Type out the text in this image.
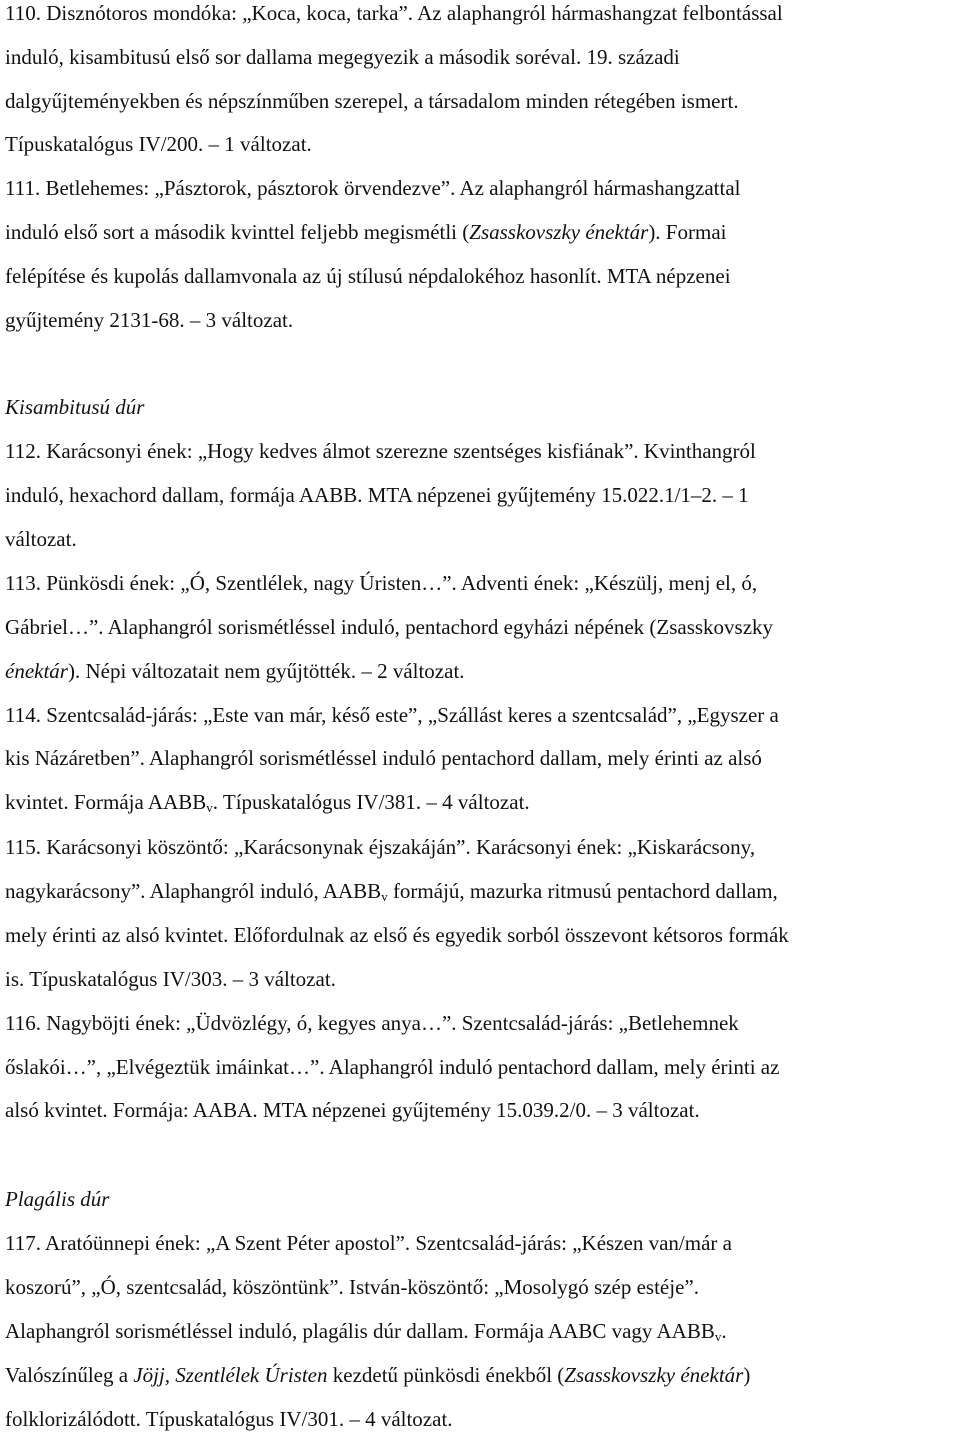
110. Disznótoros mondóka: „Koca, koca, tarka”. Az alaphangról hármashangzat felbontással
induló, kisambitusú első sor dallama megegyezik a második soréval. 19. századi
dalgyűjteményekben és népszínműben szerepel, a társadalom minden rétegében ismert.
Típuskatalógus IV/200. – 1 változat.
111. Betlehemes: „Pásztorok, pásztorok örvendezve”. Az alaphangról hármashangzattal
induló első sort a második kvinttel feljebb megismétli (Zsasskovszky énektár). Formai
felépítése és kupolás dallamvonala az új stílusú népdalokéhoz hasonlít. MTA népzenei
gyűjtemény 2131-68. – 3 változat.
Kisambitusú dúr
112. Karácsonyi ének: „Hogy kedves álmot szerezne szentséges kisfiának”. Kvinthangról
induló, hexachord dallam, formája AABB. MTA népzenei gyűjtemény 15.022.1/1–2. – 1
változat.
113. Pünkösdi ének: „Ó, Szentlélek, nagy Úristen…”. Adventi ének: „Készülj, menj el, ó,
Gábriel…”. Alaphangról sorismétléssel induló, pentachord egyházi népének (Zsasskovszky
énektár). Népi változatait nem gyűjtötték. – 2 változat.
114. Szentcsalád-járás: „Este van már, késő este”, „Szállást keres a szentcsalád”, „Egyszer a
kis Názáretben”. Alaphangról sorismétléssel induló pentachord dallam, mely érinti az alsó
kvintet. Formája $AABB_v$. Típuskatalógus IV/381. – 4 változat.
115. Karácsonyi köszöntő: „Karácsonynak éjszakáján”. Karácsonyi ének: „Kiskarácsony,
nagykarácsony”. Alaphangról induló, $AABB_v$ formájú, mazurka ritmusú pentachord dallam,
mely érinti az alsó kvintet. Előfordulnak az első és egyedik sorból összevont kétsoros formák
is. Típuskatalógus IV/303. – 3 változat.
116. Nagyböjti ének: „Üdvözlégy, ó, kegyes anya…”. Szentcsalád-járás: „Betlehemnek
őslakói…”, „Elvégeztük imáinkat…”. Alaphangról induló pentachord dallam, mely érinti az
alsó kvintet. Formája: AABA. MTA népzenei gyűjtemény 15.039.2/0. – 3 változat.
Plagális dúr
117. Aratóünnepi ének: „A Szent Péter apostol”. Szentcsalád-járás: „Készen van/már a
koszorú”, „Ó, szentcsalád, köszöntünk”. István-köszöntő: „Mosolygó szép estéje”.
Alaphangról sorismétléssel induló, plagális dúr dallam. Formája AABC vagy $AABB_v$.
Valószínűleg a Jöjj, Szentlélek Úristen kezdetű pünkösdi énekből (Zsasskovszky énektár)
folklorizálódott. Típuskatalógus IV/301. – 4 változat.
